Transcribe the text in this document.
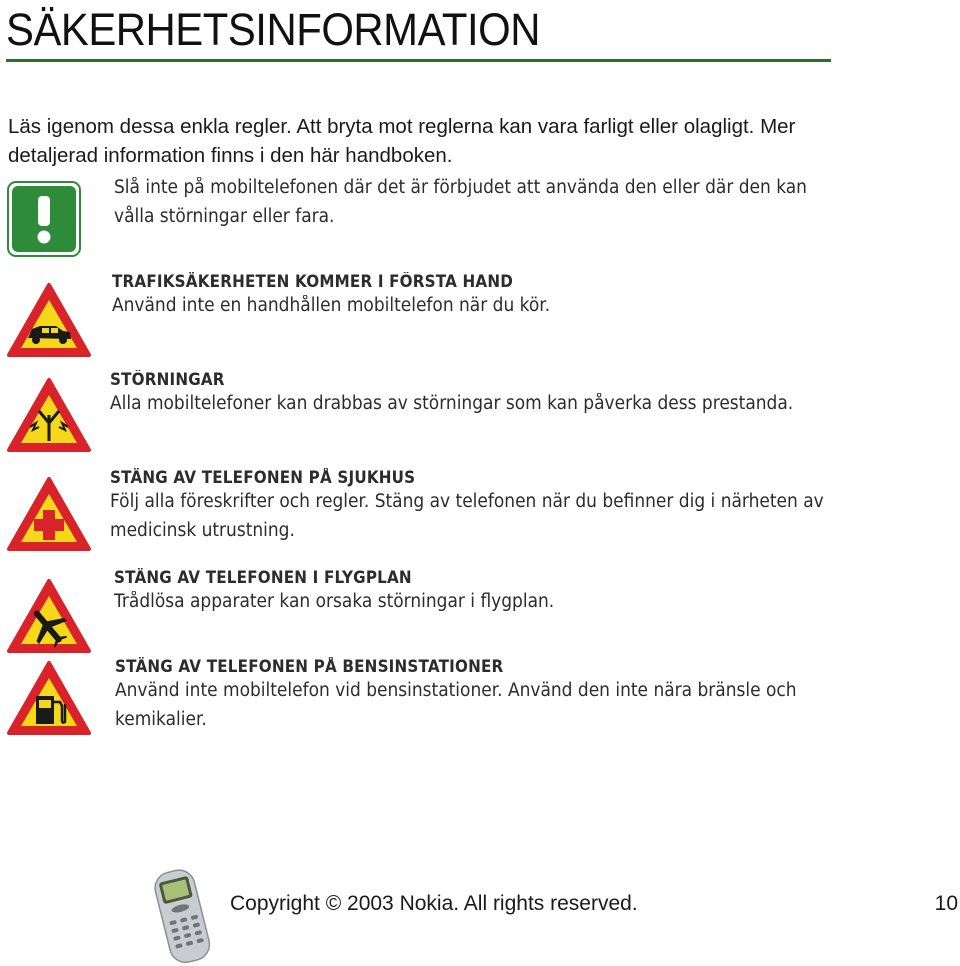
SÄKERHETSINFORMATION
Läs igenom dessa enkla regler. Att bryta mot reglerna kan vara farligt eller olagligt. Mer
detaljerad information finns i den här handboken.
Slå inte på mobiltelefonen där det är förbjudet att använda den eller där den kan vålla störningar eller fara.
TRAFIKSÄKERHETEN KOMMER I FÖRSTA HAND
Använd inte en handhållen mobiltelefon när du kör.
STÖRNINGAR
Alla mobiltelefoner kan drabbas av störningar som kan påverka dess prestanda.
STÄNG AV TELEFONEN PÅ SJUKHUS
Följ alla föreskrifter och regler. Stäng av telefonen när du befinner dig i närheten av medicinsk utrustning.
STÄNG AV TELEFONEN I FLYGPLAN
Trådlösa apparater kan orsaka störningar i flygplan.
STÄNG AV TELEFONEN PÅ BENSINSTATIONER
Använd inte mobiltelefon vid bensinstationer. Använd den inte nära bränsle och kemikalier.
Copyright © 2003 Nokia. All rights reserved.	10
